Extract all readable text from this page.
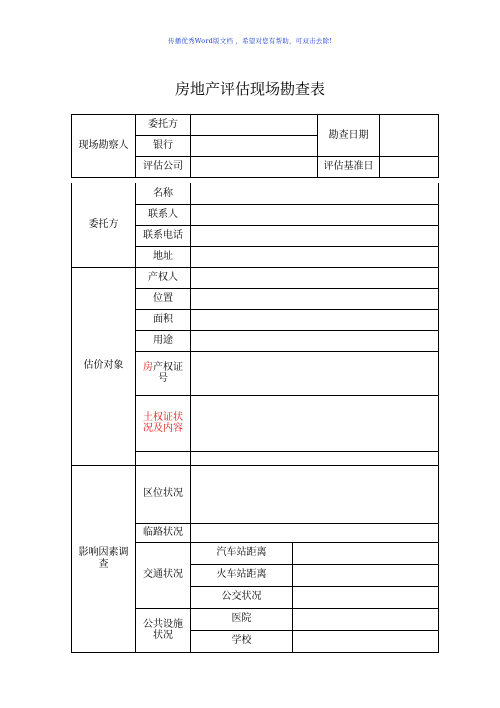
传播优秀Word版文档 ，希望对您有帮助，可双击去除!
房地产评估现场勘查表
现场勘察人	委托方		勘查日期	
	银行			
	评估公司		评估基准日	
委托方	名称		
	联系人		
	联系电话		
	地址		
估价对象	产权人		
	位置		
	面积		
	用途		
	房产权证
号		
	土权证状
况及内容		

影响因素调
查	区位状况		
	临路状况		
	交通状况	汽车站距离	
		火车站距离	
		公交状况	
	公共设施
状况	医院	
		学校	
